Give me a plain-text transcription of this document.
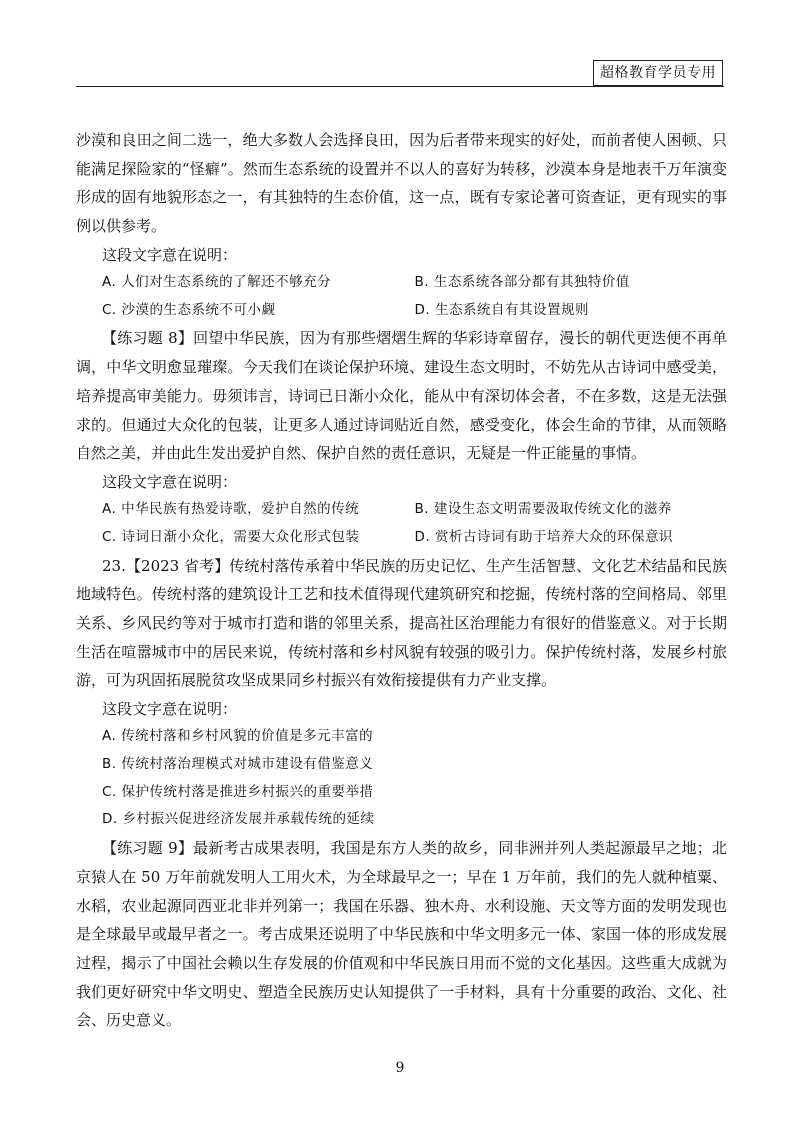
超格教育学员专用

沙漠和良田之间二选一，绝大多数人会选择良田，因为后者带来现实的好处，而前者使人困顿、只能满足探险家的“怪癖”。然而生态系统的设置并不以人的喜好为转移，沙漠本身是地表千万年演变形成的固有地貌形态之一，有其独特的生态价值，这一点，既有专家论著可资查证，更有现实的事例以供参考。

这段文字意在说明：

A. 人们对生态系统的了解还不够充分	B. 生态系统各部分都有其独特价值
C. 沙漠的生态系统不可小觑	D. 生态系统自有其设置规则

【练习题 8】回望中华民族，因为有那些熠熠生辉的华彩诗章留存，漫长的朝代更迭便不再单调，中华文明愈显璀璨。今天我们在谈论保护环境、建设生态文明时，不妨先从古诗词中感受美，培养提高审美能力。毋须讳言，诗词已日渐小众化，能从中有深切体会者，不在多数，这是无法强求的。但通过大众化的包装，让更多人通过诗词贴近自然，感受变化，体会生命的节律，从而领略自然之美，并由此生发出爱护自然、保护自然的责任意识，无疑是一件正能量的事情。

这段文字意在说明：

A. 中华民族有热爱诗歌，爱护自然的传统	B. 建设生态文明需要汲取传统文化的滋养
C. 诗词日渐小众化，需要大众化形式包装	D. 赏析古诗词有助于培养大众的环保意识

23.【2023 省考】传统村落传承着中华民族的历史记忆、生产生活智慧、文化艺术结晶和民族地域特色。传统村落的建筑设计工艺和技术值得现代建筑研究和挖掘，传统村落的空间格局、邻里关系、乡风民约等对于城市打造和谐的邻里关系，提高社区治理能力有很好的借鉴意义。对于长期生活在喧嚣城市中的居民来说，传统村落和乡村风貌有较强的吸引力。保护传统村落，发展乡村旅游，可为巩固拓展脱贫攻坚成果同乡村振兴有效衔接提供有力产业支撑。

这段文字意在说明：

A. 传统村落和乡村风貌的价值是多元丰富的
B. 传统村落治理模式对城市建设有借鉴意义
C. 保护传统村落是推进乡村振兴的重要举措
D. 乡村振兴促进经济发展并承载传统的延续

【练习题 9】最新考古成果表明，我国是东方人类的故乡，同非洲并列人类起源最早之地；北京猿人在 50 万年前就发明人工用火术，为全球最早之一；早在 1 万年前，我们的先人就种植粟、水稻，农业起源同西亚北非并列第一；我国在乐器、独木舟、水利设施、天文等方面的发明发现也是全球最早或最早者之一。考古成果还说明了中华民族和中华文明多元一体、家国一体的形成发展过程，揭示了中国社会赖以生存发展的价值观和中华民族日用而不觉的文化基因。这些重大成就为我们更好研究中华文明史、塑造全民族历史认知提供了一手材料，具有十分重要的政治、文化、社会、历史意义。

9
